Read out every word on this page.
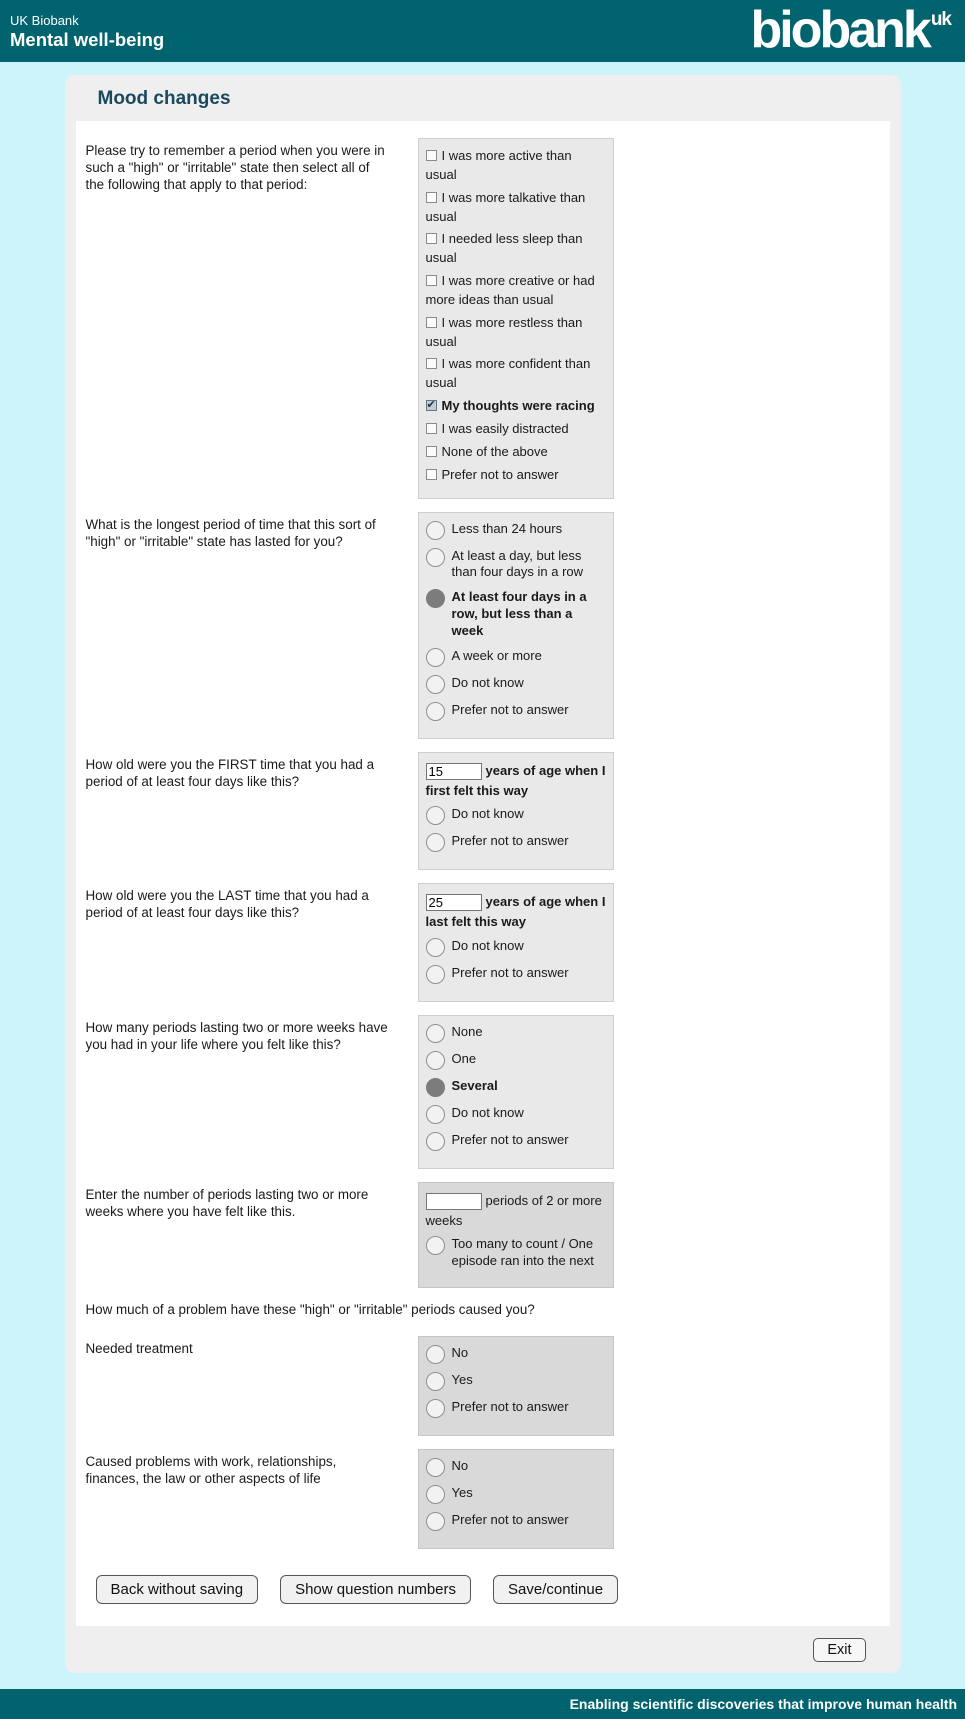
UK Biobank
Mental well-being	biobank $^{uk}$
Mood changes
Please try to remember a period when you were in such a "high" or "irritable" state then select all of the following that apply to that period:
I was more active than usual
I was more talkative than usual
I needed less sleep than usual
I was more creative or had more ideas than usual
I was more restless than usual
I was more confident than usual
✔My thoughts were racing
I was easily distracted
None of the above
Prefer not to answer
What is the longest period of time that this sort of "high" or "irritable" state has lasted for you?
Less than 24 hours
At least a day, but less than four days in a row
At least four days in a row, but less than a week
A week or more
Do not know
Prefer not to answer
How old were you the FIRST time that you had a period of at least four days like this?
15years of age when I first felt this way
Do not know
Prefer not to answer
How old were you the LAST time that you had a period of at least four days like this?
25years of age when I last felt this way
Do not know
Prefer not to answer
How many periods lasting two or more weeks have you had in your life where you felt like this?
None
One
Several
Do not know
Prefer not to answer
Enter the number of periods lasting two or more weeks where you have felt like this.
periods of 2 or more weeks
Too many to count / One episode ran into the next
How much of a problem have these "high" or "irritable" periods caused you?
Needed treatment	No
Yes
Prefer not to answer
Caused problems with work, relationships, finances, the law or other aspects of life
No
Yes
Prefer not to answer
Back without saving	Show question numbers	Save/continue
Exit
Enabling scientific discoveries that improve human health
